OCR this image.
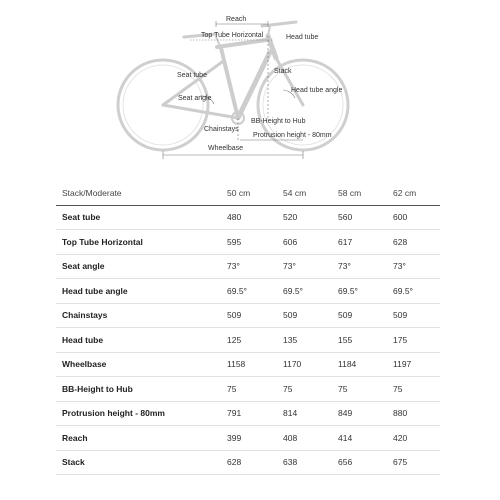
Reach
Top Tube Horizontal	Head tube
Seat tube
Stack
Head tube angle
Seat angle
BB-Height to Hub
Chainstays
Protrusion height - 80mm
Wheelbase
Stack/Moderate	50 cm	54 cm	58 cm	62 cm
Seat tube	480	520	560	600
Top Tube Horizontal	595	606	617	628
Seat angle	73°	73°	73°	73°
Head tube angle	69.5°	69.5°	69.5°	69.5°
Chainstays	509	509	509	509
Head tube	125	135	155	175
Wheelbase	1158	1170	1184	1197
BB-Height to Hub	75	75	75	75
Protrusion height - 80mm	791	814	849	880
Reach	399	408	414	420
Stack	628	638	656	675
